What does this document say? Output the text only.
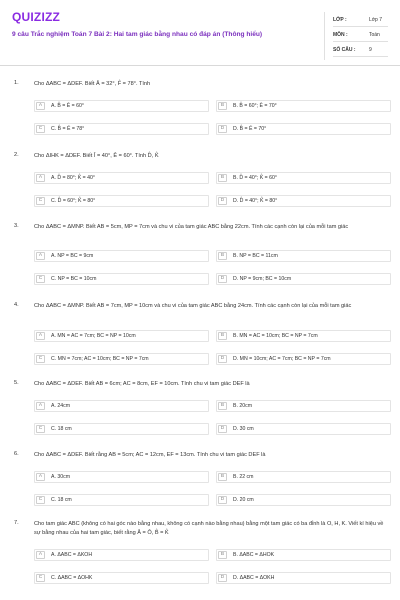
QUIZIZZ
9 câu Trắc nghiệm Toán 7 Bài 2: Hai tam giác bằng nhau có đáp án (Thông hiểu)
LỚP :	Lớp 7
MÔN :	Toán
SỐ CÂU :	9
1.	Cho ΔABC = ΔDEF. Biết Â = 32°, F̂ = 78°. Tính
A	A. B̂ = Ê = 60°	B	B. B̂ = 60°; Ê = 70°
C	C. B̂ = Ê = 78°	D	D. B̂ = Ê = 70°
2.	Cho ΔIHK = ΔDEF. Biết Î = 40°, Ê = 60°. Tính D̂, K̂
A	A. D̂ = 80°; K̂ = 40°	B	B. D̂ = 40°; K̂ = 60°
C	C. D̂ = 60°; K̂ = 80°	D	D. D̂ = 40°; K̂ = 80°
3.	Cho ΔABC = ΔMNP. Biết AB = 5cm, MP = 7cm và chu vi của tam giác ABC bằng 22cm. Tính các cạnh còn lại của mỗi tam giác
A	A. NP = BC = 9cm	B	B. NP = BC = 11cm
C	C. NP = BC = 10cm	D	D. NP = 9cm; BC = 10cm
4.	Cho ΔABC = ΔMNP. Biết AB = 7cm, MP = 10cm và chu vi của tam giác ABC bằng 24cm. Tính các cạnh còn lại của mỗi tam giác
A	A. MN = AC = 7cm; BC = NP = 10cm	B	B. MN = AC = 10cm; BC = NP = 7cm
C	C. MN = 7cm; AC = 10cm; BC = NP = 7cm	D	D. MN = 10cm; AC = 7cm; BC = NP = 7cm
5.	Cho ΔABC = ΔDEF. Biết AB = 6cm; AC = 8cm, EF = 10cm. Tính chu vi tam giác DEF là
A	A. 24cm	B	B. 20cm
C	C. 18 cm	D	D. 30 cm
6.	Cho ΔABC = ΔDEF. Biết rằng AB = 5cm; AC = 12cm, EF = 13cm. Tính chu vi tam giác DEF là
A	A. 30cm	B	B. 22 cm
C	C. 18 cm	D	D. 20 cm
7.	Cho tam giác ABC (không có hai góc nào bằng nhau, không có cạnh nào bằng nhau) bằng một tam giác có ba đỉnh là O, H, K. Viết kí hiệu về sự bằng nhau của hai tam giác, biết rằng Â = Ô, B̂ = K̂
A	A. ΔABC = ΔKOH	B	B. ΔABC = ΔHOK
C	C. ΔABC = ΔOHK	D	D. ΔABC = ΔOKH
